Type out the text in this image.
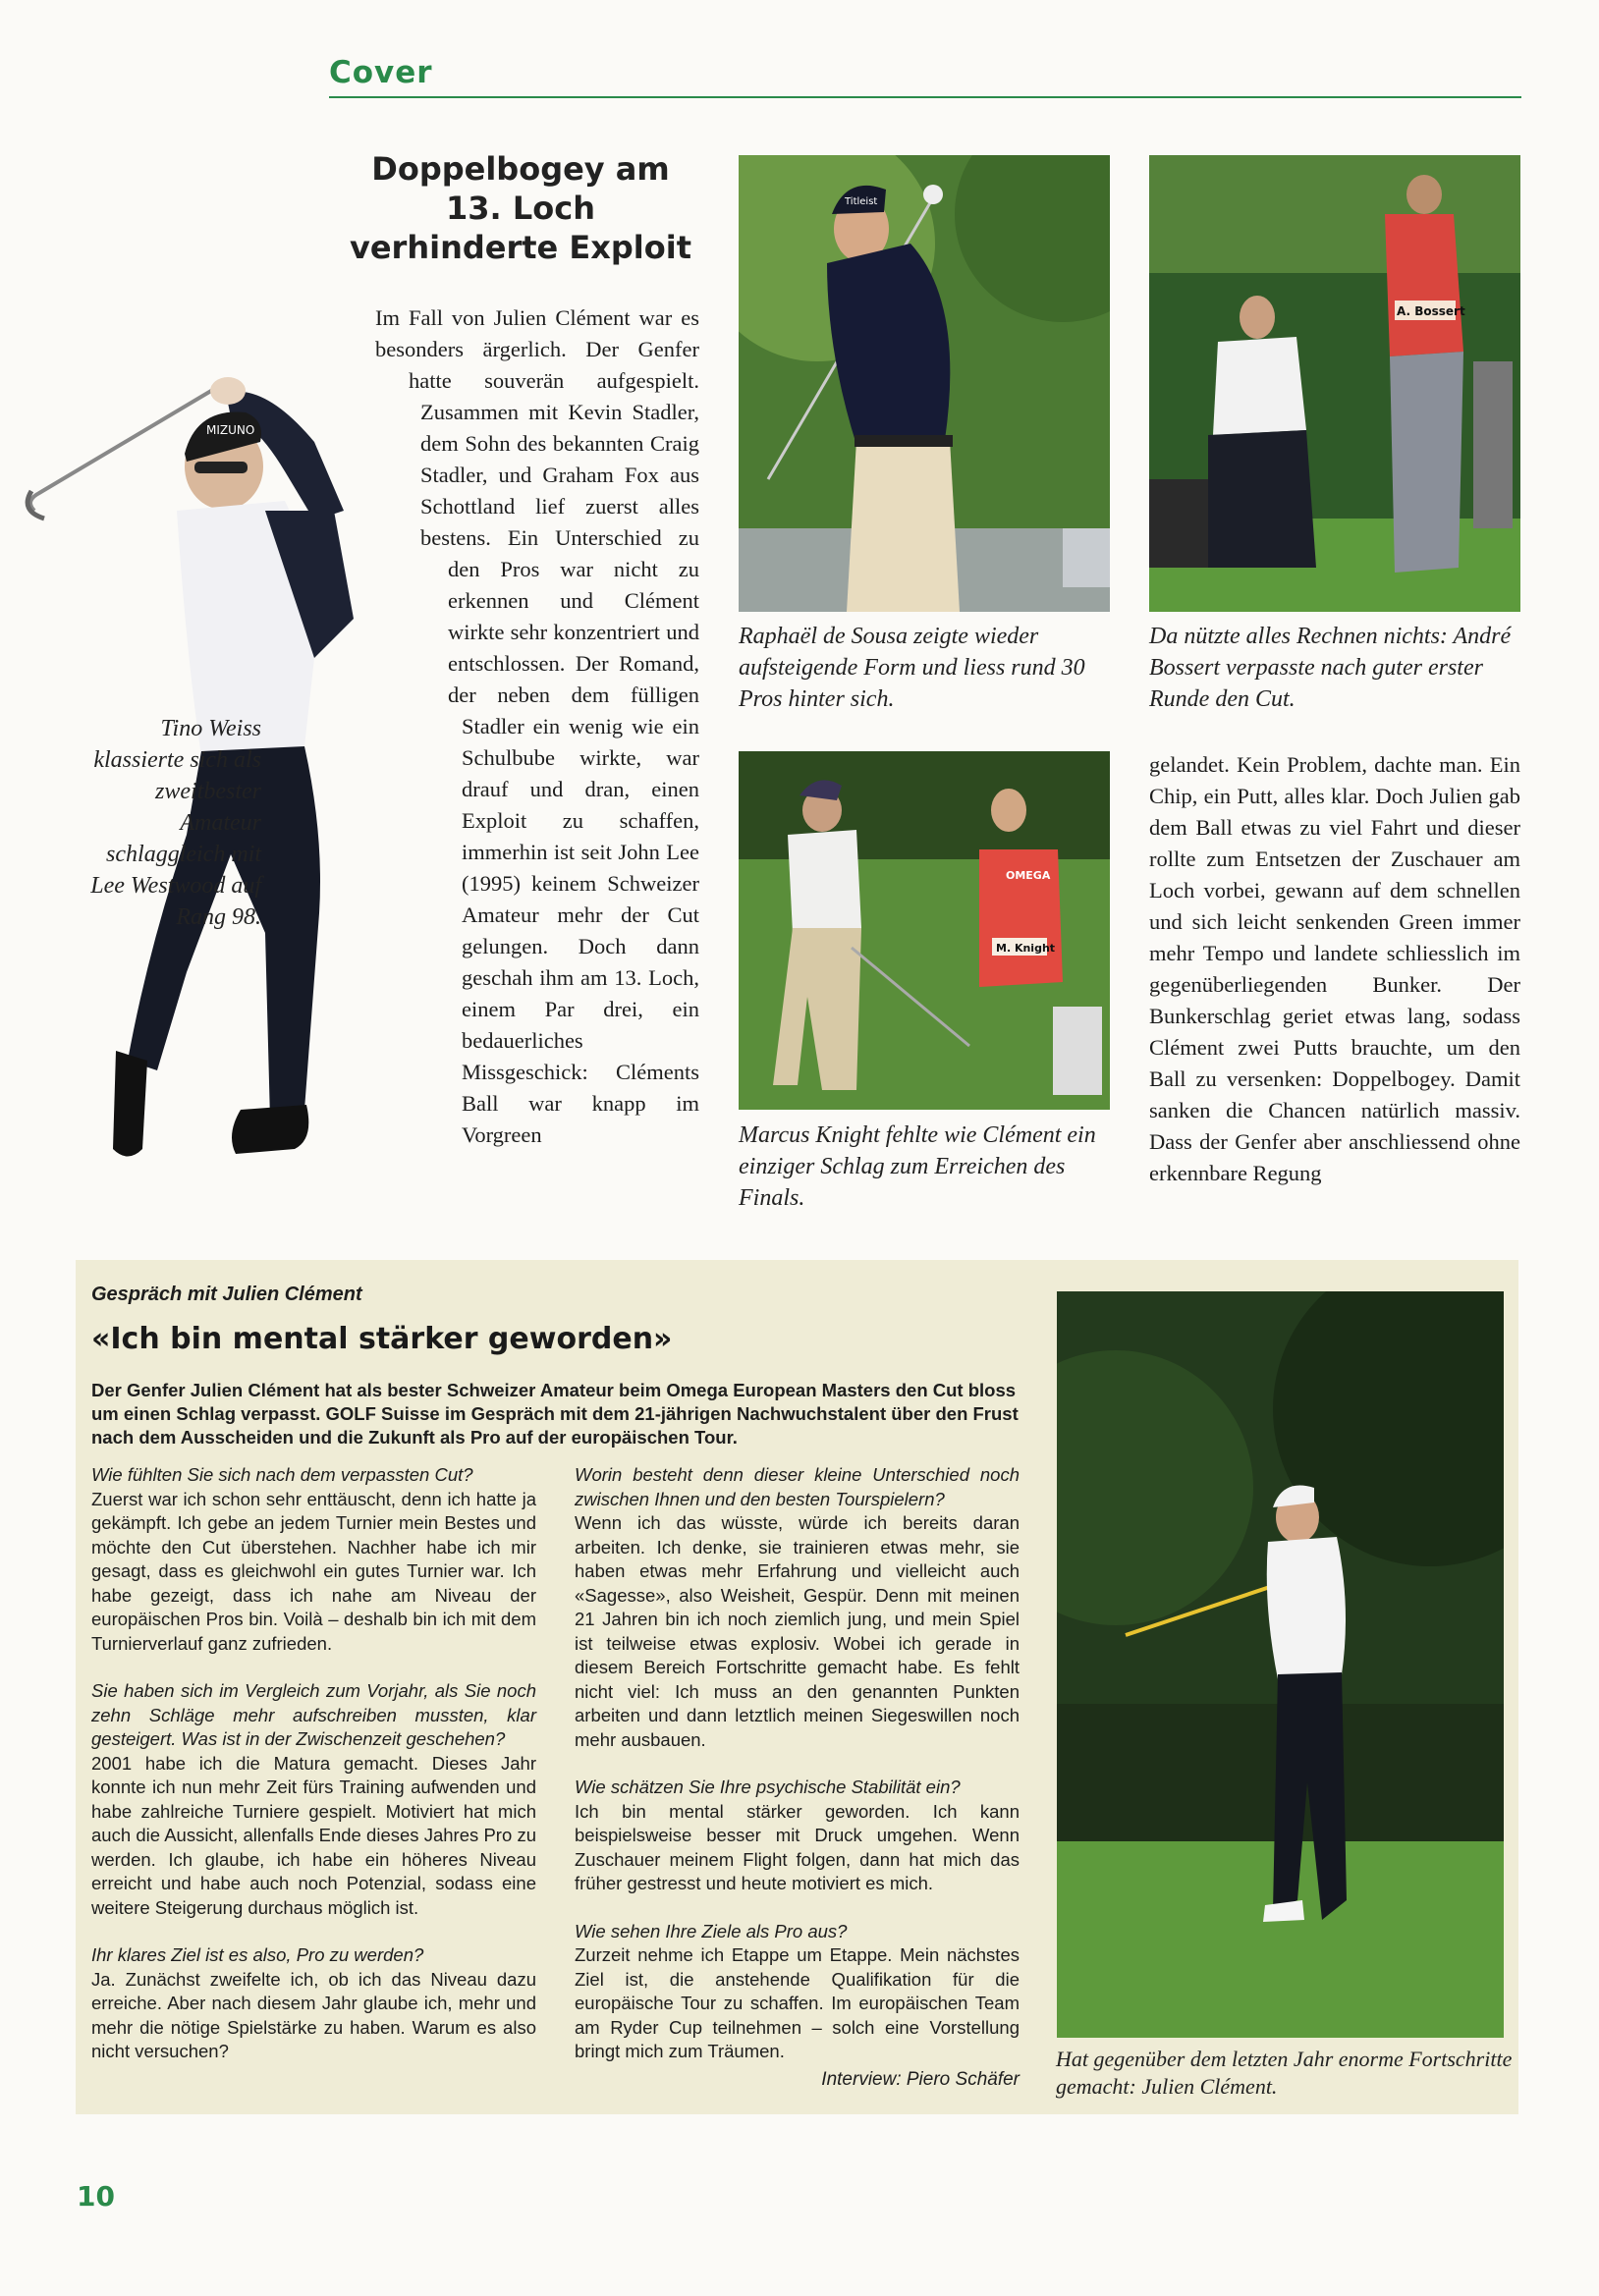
Cover
MIZUNO
Tino Weiss klassierte sich als zweitbester Amateur schlaggleich mit Lee Westwood auf Rang 98.
Doppelbogey am 13. Loch verhinderte Exploit

Im Fall von Julien Clément war es besonders ärgerlich. Der Genfer hatte souverän aufgespielt. Zusammen mit Kevin Stadler, dem Sohn des bekannten Craig Stadler, und Graham Fox aus Schottland lief zuerst alles bestens. Ein Unterschied zu den Pros war nicht zu erkennen und Clément wirkte sehr konzentriert und entschlossen. Der Romand, der neben dem fülligen Stadler ein wenig wie ein Schulbube wirkte, war drauf und dran, einen Exploit zu schaffen, immerhin ist seit John Lee (1995) keinem Schweizer Amateur mehr der Cut gelungen. Doch dann geschah ihm am 13. Loch, einem Par drei, ein bedauerliches Missgeschick: Cléments Ball war knapp im Vorgreen

Titleist
Raphaël de Sousa zeigte wieder aufsteigende Form und liess rund 30 Pros hinter sich.
A. Bossert
Da nützte alles Rechnen nichts: André Bossert verpasste nach guter erster Runde den Cut.
OMEGA
M. Knight
Marcus Knight fehlte wie Clément ein einziger Schlag zum Erreichen des Finals.

gelandet. Kein Problem, dachte man. Ein Chip, ein Putt, alles klar. Doch Julien gab dem Ball etwas zu viel Fahrt und dieser rollte zum Entsetzen der Zuschauer am Loch vorbei, gewann auf dem schnellen und sich leicht senkenden Green immer mehr Tempo und landete schliesslich im gegenüberliegenden Bunker. Der Bunkerschlag geriet etwas lang, sodass Clément zwei Putts brauchte, um den Ball zu versenken: Doppelbogey. Damit sanken die Chancen natürlich massiv. Dass der Genfer aber anschliessend ohne erkennbare Regung

Gespräch mit Julien Clément
«Ich bin mental stärker geworden»
Der Genfer Julien Clément hat als bester Schweizer Amateur beim Omega European Masters den Cut bloss um einen Schlag verpasst. GOLF Suisse im Gespräch mit dem 21-jährigen Nachwuchstalent über den Frust nach dem Ausscheiden und die Zukunft als Pro auf der europäischen Tour.

Wie fühlten Sie sich nach dem verpassten Cut?

Zuerst war ich schon sehr enttäuscht, denn ich hatte ja gekämpft. Ich gebe an jedem Turnier mein Bestes und möchte den Cut überstehen. Nachher habe ich mir gesagt, dass es gleichwohl ein gutes Turnier war. Ich habe gezeigt, dass ich nahe am Niveau der europäischen Pros bin. Voilà – deshalb bin ich mit dem Turnierverlauf ganz zufrieden.

Sie haben sich im Vergleich zum Vorjahr, als Sie noch zehn Schläge mehr aufschreiben mussten, klar gesteigert. Was ist in der Zwischenzeit geschehen?

2001 habe ich die Matura gemacht. Dieses Jahr konnte ich nun mehr Zeit fürs Training aufwenden und habe zahlreiche Turniere gespielt. Motiviert hat mich auch die Aussicht, allenfalls Ende dieses Jahres Pro zu werden. Ich glaube, ich habe ein höheres Niveau erreicht und habe auch noch Potenzial, sodass eine weitere Steigerung durchaus möglich ist.

Ihr klares Ziel ist es also, Pro zu werden?

Ja. Zunächst zweifelte ich, ob ich das Niveau dazu erreiche. Aber nach diesem Jahr glaube ich, mehr und mehr die nötige Spielstärke zu haben. Warum es also nicht versuchen?

Worin besteht denn dieser kleine Unterschied noch zwischen Ihnen und den besten Tourspielern?

Wenn ich das wüsste, würde ich bereits daran arbeiten. Ich denke, sie trainieren etwas mehr, sie haben etwas mehr Erfahrung und vielleicht auch «Sagesse», also Weisheit, Gespür. Denn mit meinen 21 Jahren bin ich noch ziemlich jung, und mein Spiel ist teilweise etwas explosiv. Wobei ich gerade in diesem Bereich Fortschritte gemacht habe. Es fehlt nicht viel: Ich muss an den genannten Punkten arbeiten und dann letztlich meinen Siegeswillen noch mehr ausbauen.

Wie schätzen Sie Ihre psychische Stabilität ein?

Ich bin mental stärker geworden. Ich kann beispielsweise besser mit Druck umgehen. Wenn Zuschauer meinem Flight folgen, dann hat mich das früher gestresst und heute motiviert es mich.

Wie sehen Ihre Ziele als Pro aus?

Zurzeit nehme ich Etappe um Etappe. Mein nächstes Ziel ist, die anstehende Qualifikation für die europäische Tour zu schaffen. Im europäischen Team am Ryder Cup teilnehmen – solch eine Vorstellung bringt mich zum Träumen.

Interview: Piero Schäfer
Hat gegenüber dem letzten Jahr enorme Fortschritte gemacht: Julien Clément.
10
